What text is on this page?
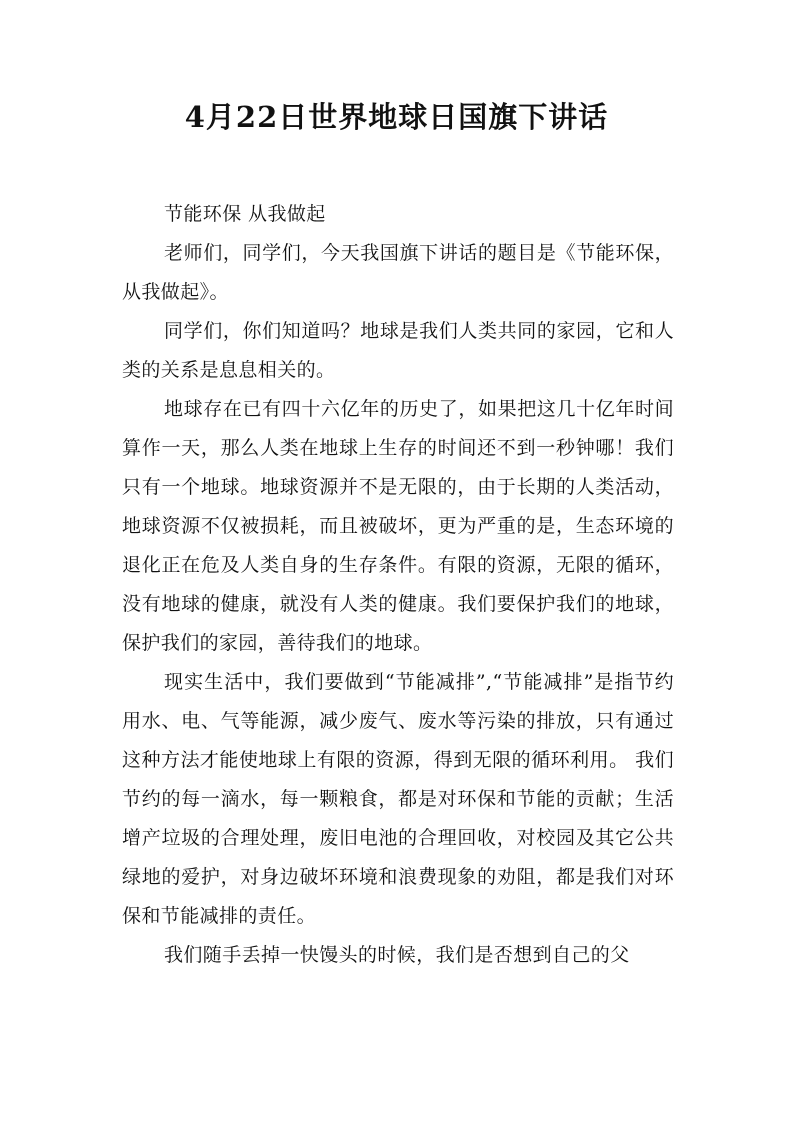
4月22日世界地球日国旗下讲话

节能环保 从我做起

老师们，同学们，今天我国旗下讲话的题目是《节能环保，从我做起》。

同学们，你们知道吗？地球是我们人类共同的家园，它和人类的关系是息息相关的。

地球存在已有四十六亿年的历史了，如果把这几十亿年时间算作一天，那么人类在地球上生存的时间还不到一秒钟哪！我们只有一个地球。地球资源并不是无限的，由于长期的人类活动，地球资源不仅被损耗，而且被破坏，更为严重的是，生态环境的退化正在危及人类自身的生存条件。有限的资源，无限的循环，没有地球的健康，就没有人类的健康。我们要保护我们的地球，保护我们的家园，善待我们的地球。

现实生活中，我们要做到“节能减排”,“节能减排”是指节约用水、电、气等能源，减少废气、废水等污染的排放，只有通过这种方法才能使地球上有限的资源，得到无限的循环利用。 我们节约的每一滴水，每一颗粮食，都是对环保和节能的贡献；生活增产垃圾的合理处理，废旧电池的合理回收，对校园及其它公共绿地的爱护，对身边破坏环境和浪费现象的劝阻，都是我们对环保和节能减排的责任。

我们随手丢掉一快馒头的时候，我们是否想到自己的父
